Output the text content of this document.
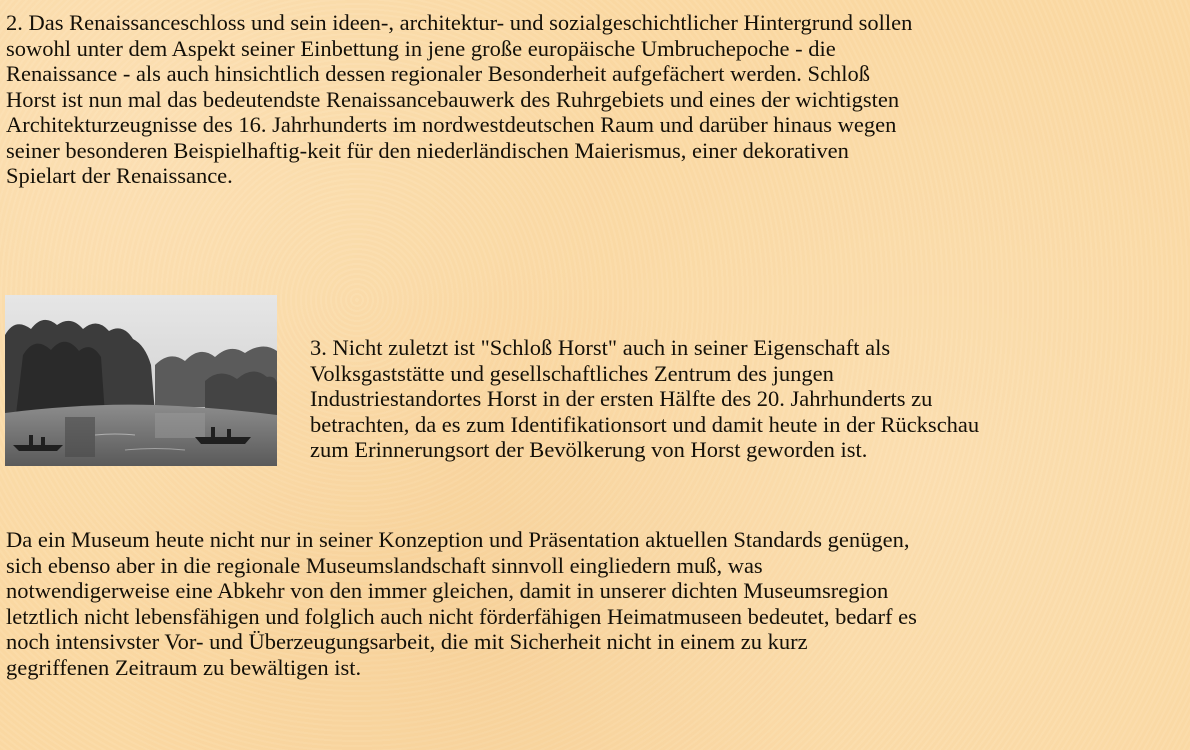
2. Das Renaissanceschloss und sein ideen-, architektur- und sozialgeschichtlicher Hintergrund sollen
sowohl unter dem Aspekt seiner Einbettung in jene große europäische Umbruchepoche - die
Renaissance - als auch hinsichtlich dessen regionaler Besonderheit aufgefächert werden. Schloß
Horst ist nun mal das bedeutendste Renaissancebauwerk des Ruhrgebiets und eines der wichtigsten
Architekturzeugnisse des 16. Jahrhunderts im nordwestdeutschen Raum und darüber hinaus wegen
seiner besonderen Beispielhaftig-keit für den niederländischen Maierismus, einer dekorativen
Spielart der Renaissance.

3. Nicht zuletzt ist "Schloß Horst" auch in seiner Eigenschaft als
Volksgaststätte und gesellschaftliches Zentrum des jungen
Industriestandortes Horst in der ersten Hälfte des 20. Jahrhunderts zu
betrachten, da es zum Identifikationsort und damit heute in der Rückschau
zum Erinnerungsort der Bevölkerung von Horst geworden ist.

Da ein Museum heute nicht nur in seiner Konzeption und Präsentation aktuellen Standards genügen,
sich ebenso aber in die regionale Museumslandschaft sinnvoll eingliedern muß, was
notwendigerweise eine Abkehr von den immer gleichen, damit in unserer dichten Museumsregion
letztlich nicht lebensfähigen und folglich auch nicht förderfähigen Heimatmuseen bedeutet, bedarf es
noch intensivster Vor- und Überzeugungsarbeit, die mit Sicherheit nicht in einem zu kurz
gegriffenen Zeitraum zu bewältigen ist.
